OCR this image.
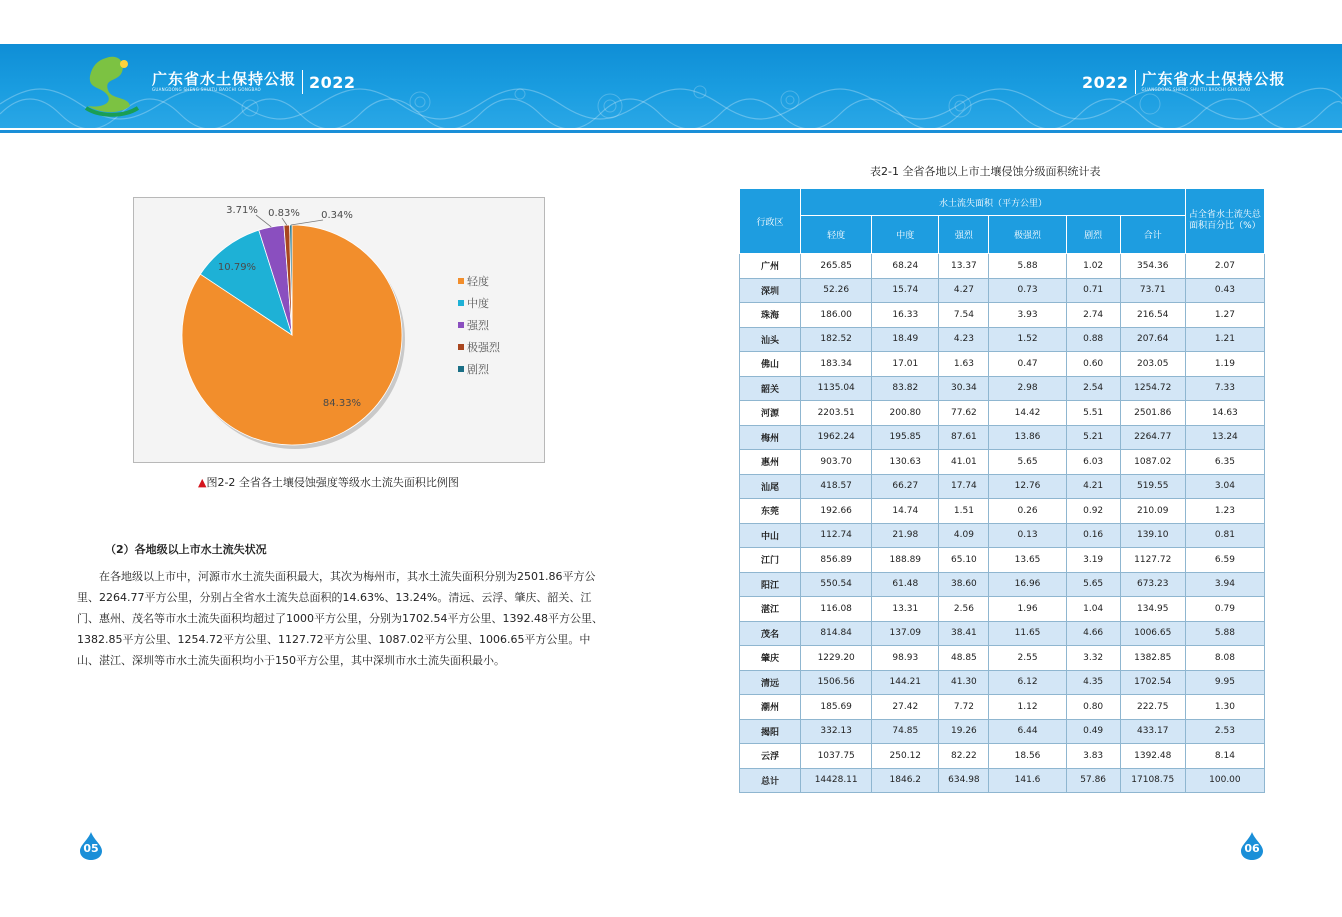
广东省水土保持公报
GUANGDONG SHENG SHUITU BAOCHI GONGBAO	2022	2022 广东省水土保持公报
GUANGDONG SHENG SHUITU BAOCHI GONGBAO
84.33%
10.79%
3.71% 0.83% 0.34%
轻度
中度
强烈
极强烈
剧烈
▲图2-2 全省各土壤侵蚀强度等级水土流失面积比例图
（2）各地级以上市水土流失状况
在各地级以上市中，河源市水土流失面积最大，其次为梅州市，其水土流失面积分别为2501.86平方公里、2264.77平方公里，分别占全省水土流失总面积的14.63%、13.24%。清远、云浮、肇庆、韶关、江门、惠州、茂名等市水土流失面积均超过了1000平方公里，分别为1702.54平方公里、1392.48平方公里、1382.85平方公里、1254.72平方公里、1127.72平方公里、1087.02平方公里、1006.65平方公里。中山、湛江、深圳等市水土流失面积均小于150平方公里，其中深圳市水土流失面积最小。
表2-1 全省各地以上市土壤侵蚀分级面积统计表
行政区	水土流失面积（平方公里）						占全省水土流失总面积百分比（%）
	轻度	中度	强烈	极强烈	剧烈	合计	
广州	265.85	68.24	13.37	5.88	1.02	354.36	2.07
深圳	52.26	15.74	4.27	0.73	0.71	73.71	0.43
珠海	186.00	16.33	7.54	3.93	2.74	216.54	1.27
汕头	182.52	18.49	4.23	1.52	0.88	207.64	1.21
佛山	183.34	17.01	1.63	0.47	0.60	203.05	1.19
韶关	1135.04	83.82	30.34	2.98	2.54	1254.72	7.33
河源	2203.51	200.80	77.62	14.42	5.51	2501.86	14.63
梅州	1962.24	195.85	87.61	13.86	5.21	2264.77	13.24
惠州	903.70	130.63	41.01	5.65	6.03	1087.02	6.35
汕尾	418.57	66.27	17.74	12.76	4.21	519.55	3.04
东莞	192.66	14.74	1.51	0.26	0.92	210.09	1.23
中山	112.74	21.98	4.09	0.13	0.16	139.10	0.81
江门	856.89	188.89	65.10	13.65	3.19	1127.72	6.59
阳江	550.54	61.48	38.60	16.96	5.65	673.23	3.94
湛江	116.08	13.31	2.56	1.96	1.04	134.95	0.79
茂名	814.84	137.09	38.41	11.65	4.66	1006.65	5.88
肇庆	1229.20	98.93	48.85	2.55	3.32	1382.85	8.08
清远	1506.56	144.21	41.30	6.12	4.35	1702.54	9.95
潮州	185.69	27.42	7.72	1.12	0.80	222.75	1.30
揭阳	332.13	74.85	19.26	6.44	0.49	433.17	2.53
云浮	1037.75	250.12	82.22	18.56	3.83	1392.48	8.14
总计	14428.11	1846.2	634.98	141.6	57.86	17108.75	100.00
05	06
